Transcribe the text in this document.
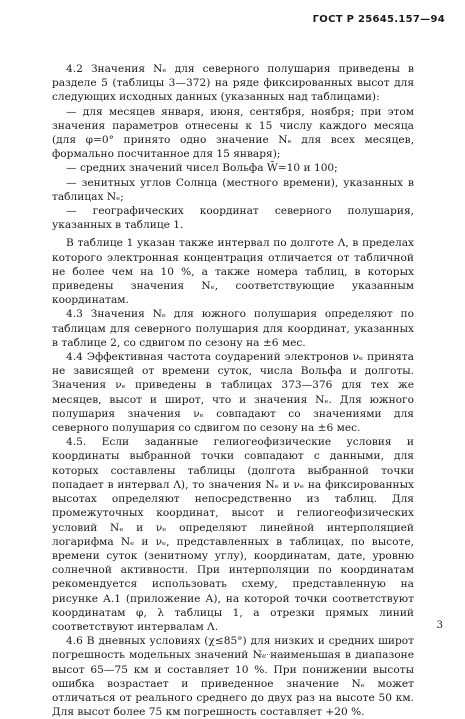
ГОСТ Р 25645.157—94

4.2 Значения Nₑ для северного полушария приведены в разделе 5 (таблицы 3—372) на ряде фиксированных высот для следующих исходных данных (указанных над таблицами):

— для месяцев января, июня, сентября, ноября; при этом значения параметров отнесены к 15 числу каждого месяца (для φ=0° принято одно значение Nₑ для всех месяцев, формально посчитанное для 15 января);

— средних значений чисел Вольфа W̄=10 и 100;

— зенитных углов Солнца (местного времени), указанных в таблицах Nₑ;

— географических координат северного полушария, указанных в таблице 1.

В таблице 1 указан также интервал по долготе Λ, в пределах которого электронная концентрация отличается от табличной не более чем на 10 %, а также номера таблиц, в которых приведены значения Nₑ, соответствующие указанным координатам.

4.3 Значения Nₑ для южного полушария определяют по таблицам для северного полушария для координат, указанных в таблице 2, со сдвигом по сезону на ±6 мес.

4.4 Эффективная частота соударений электронов νₑ принята не зависящей от времени суток, числа Вольфа и долготы. Значения νₑ приведены в таблицах 373—376 для тех же месяцев, высот и широт, что и значения Nₑ. Для южного полушария значения νₑ совпадают со значениями для северного полушария со сдвигом по сезону на ±6 мес.

4.5. Если заданные гелиогеофизические условия и координаты выбранной точки совпадают с данными, для которых составлены таблицы (долгота выбранной точки попадает в интервал Λ), то значения Nₑ и νₑ на фиксированных высотах определяют непосредственно из таблиц. Для промежуточных координат, высот и гелиогеофизических условий Nₑ и νₑ определяют линейной интерполяцией логарифма Nₑ и νₑ, представленных в таблицах, по высоте, времени суток (зенитному углу), координатам, дате, уровню солнечной активности. При интерполяции по координатам рекомендуется использовать схему, представленную на рисунке А.1 (приложение А), на которой точки соответствуют координатам φ, λ таблицы 1, а отрезки прямых линий соответствуют интервалам Λ.

4.6 В дневных условиях (χ≤85°) для низких и средних широт погрешность модельных значений Nₑ наименьшая в диапазоне высот 65—75 км и составляет 10 %. При понижении высоты ошибка возрастает и приведенное значение Nₑ может отличаться от реального среднего до двух раз на высоте 50 км. Для высот более 75 км погрешность составляет +20 %.

3
